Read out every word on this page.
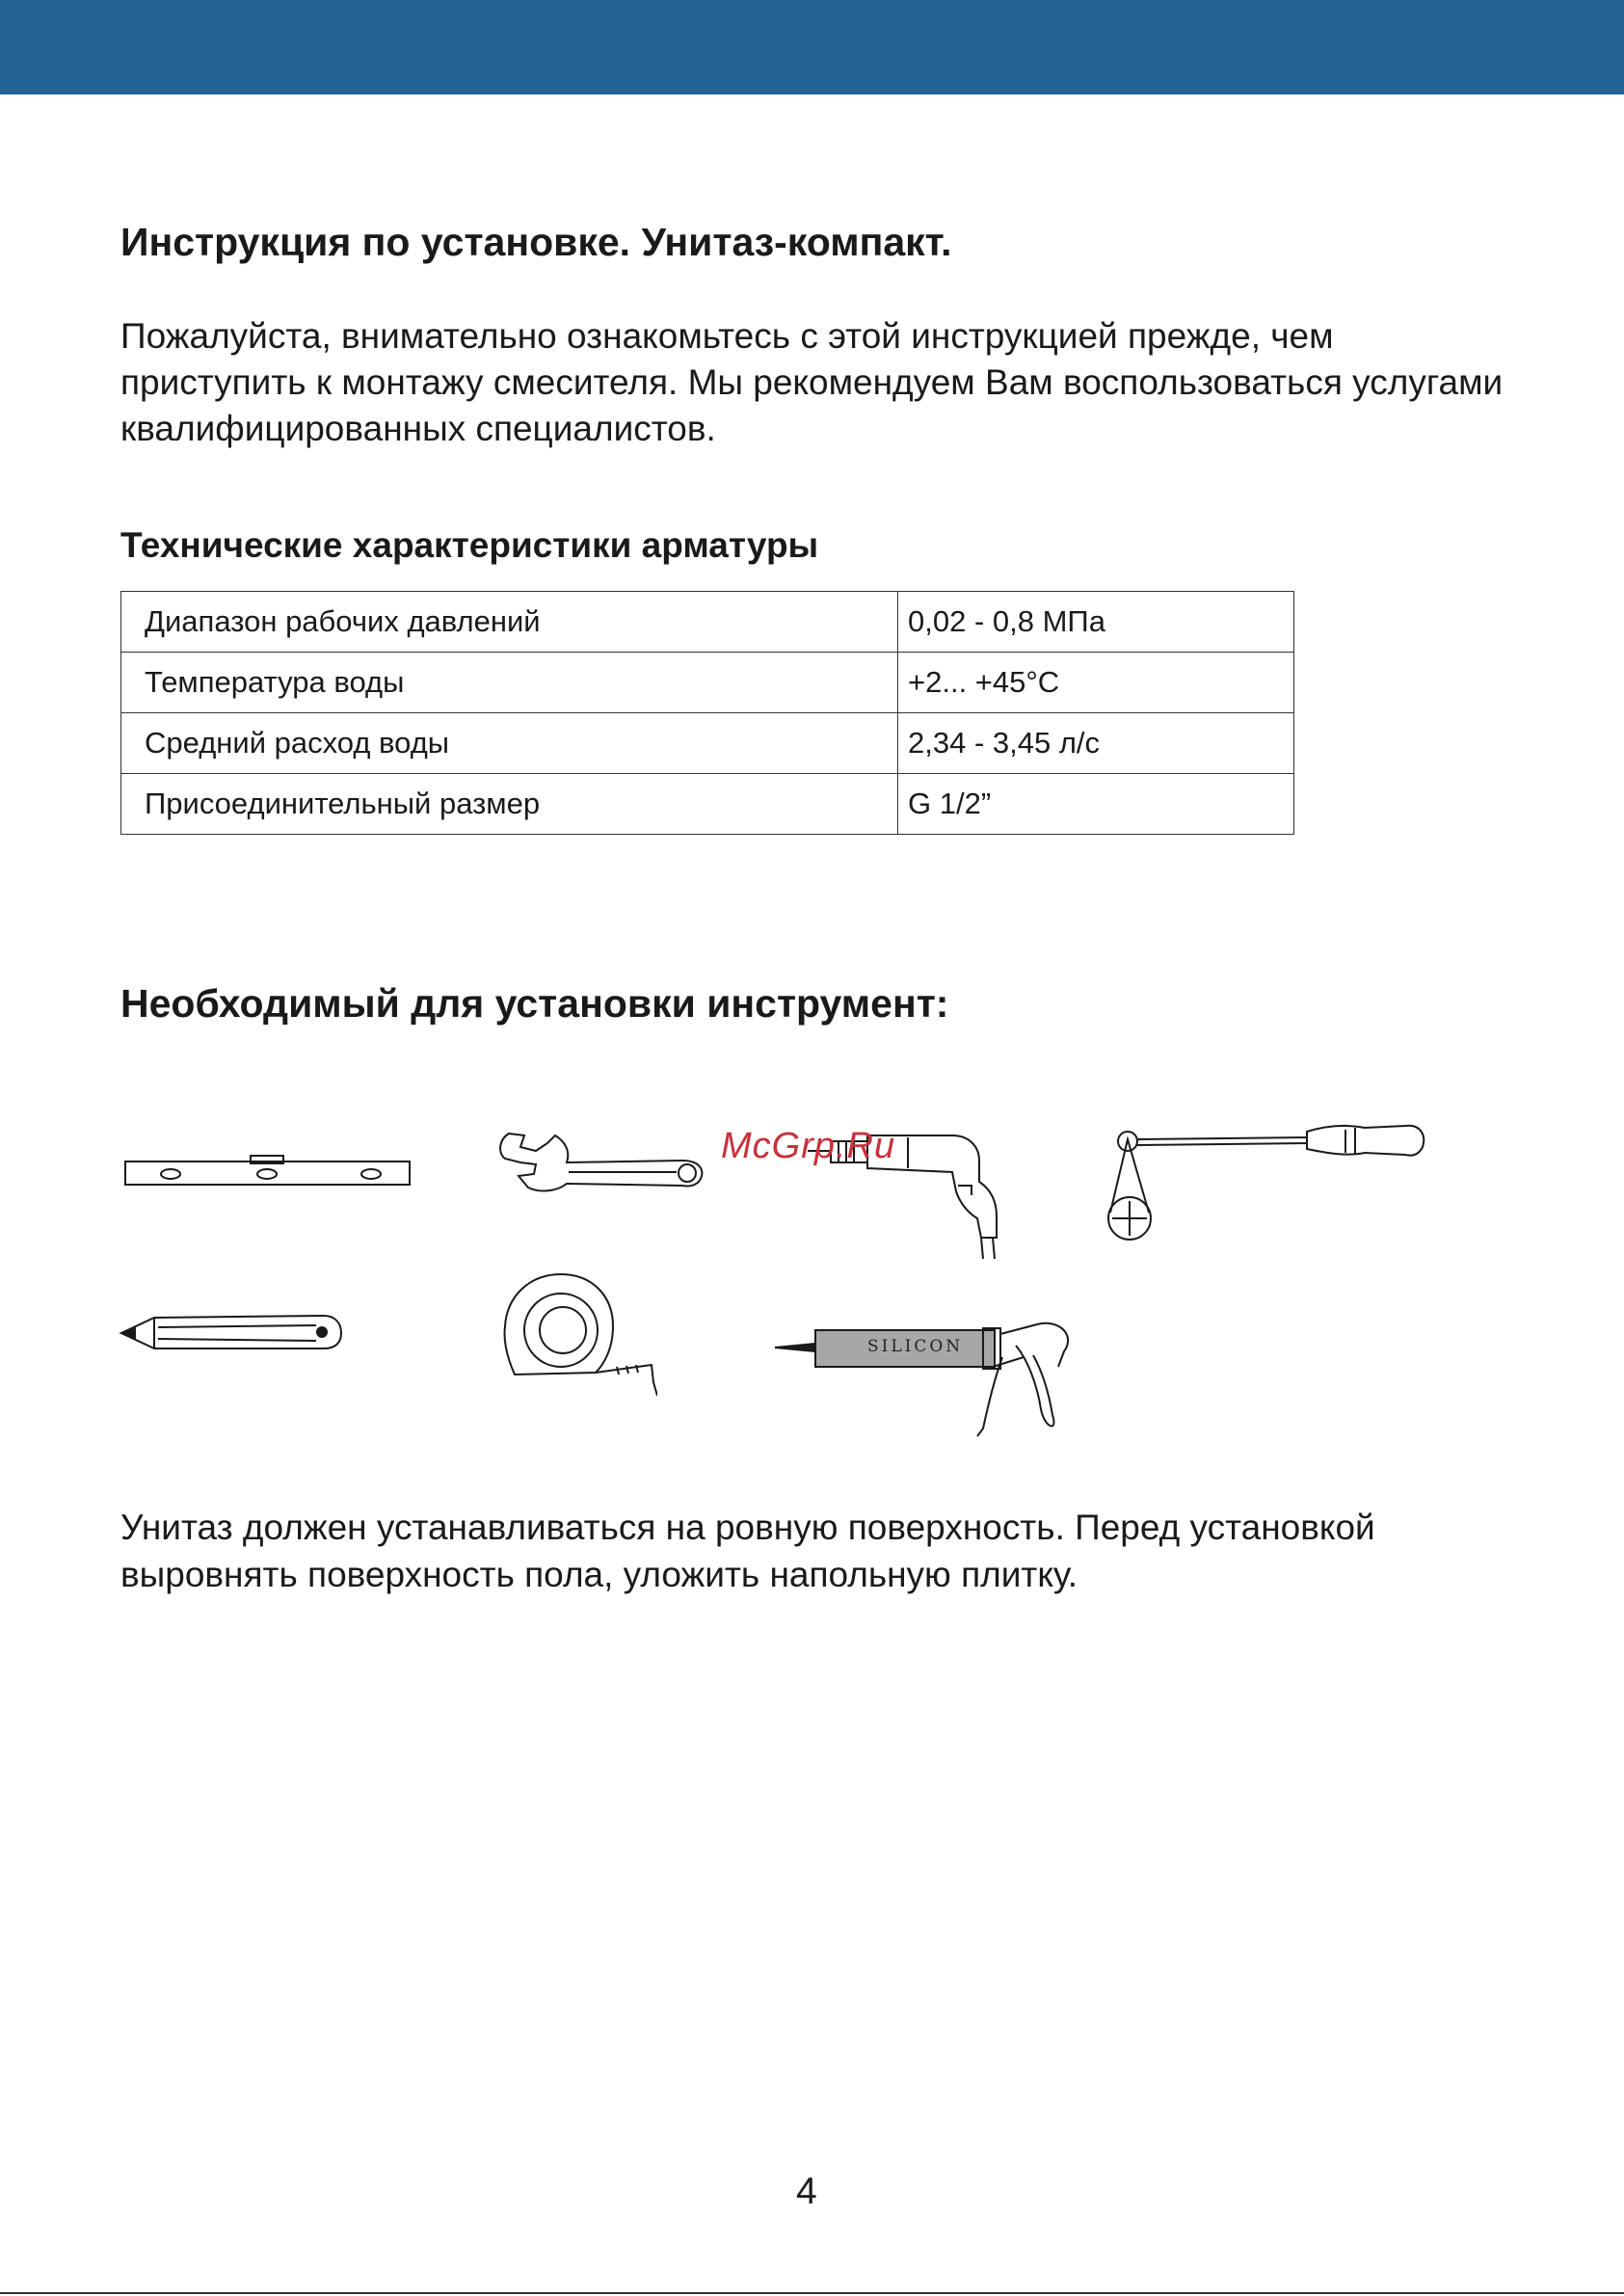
Инструкция по установке. Унитаз-компакт.

Пожалуйста, внимательно ознакомьтесь с этой инструкцией прежде, чем приступить к монтажу смесителя. Мы рекомендуем Вам воспользоваться услугами квалифицированных специалистов.

Технические характеристики арматуры
Диапазон рабочих давлений	0,02 - 0,8 МПа
Температура воды	+2... +45°C
Средний расход воды	2,34 - 3,45 л/с
Присоединительный размер	G 1/2”
Необходимый для установки инструмент:
SILICON
McGrp.Ru

Унитаз должен устанавливаться на ровную поверхность. Перед установкой выровнять поверхность пола, уложить напольную плитку.

4
